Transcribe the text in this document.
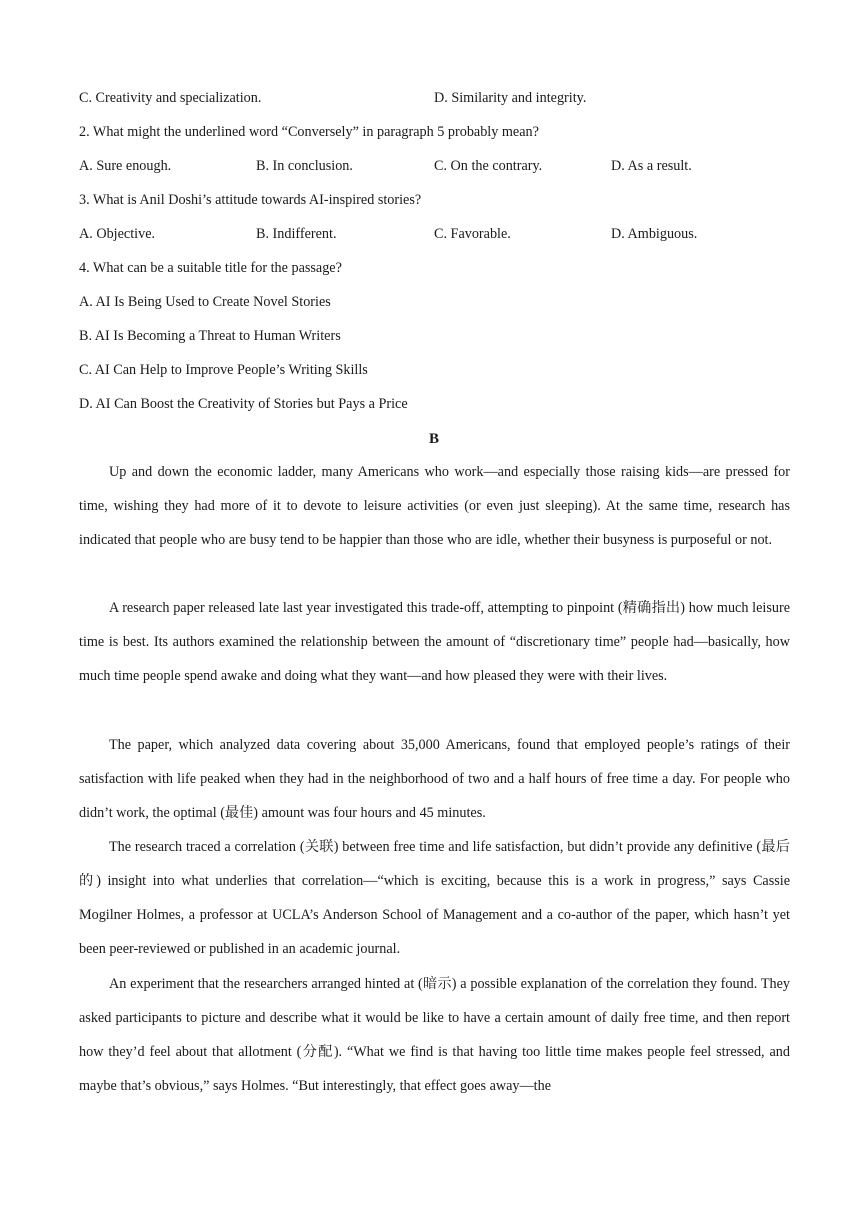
C. Creativity and specialization.	D. Similarity and integrity.
2. What might the underlined word “Conversely” in paragraph 5 probably mean?
A. Sure enough.	B. In conclusion.	C. On the contrary.	D. As a result.
3. What is Anil Doshi’s attitude towards AI-inspired stories?
A. Objective.	B. Indifferent.	C. Favorable.	D. Ambiguous.
4. What can be a suitable title for the passage?
A. AI Is Being Used to Create Novel Stories
B. AI Is Becoming a Threat to Human Writers
C. AI Can Help to Improve People’s Writing Skills
D. AI Can Boost the Creativity of Stories but Pays a Price
B

Up and down the economic ladder, many Americans who work—and especially those raising kids—are pressed for time, wishing they had more of it to devote to leisure activities (or even just sleeping). At the same time, research has indicated that people who are busy tend to be happier than those who are idle, whether their busyness is purposeful or not.

A research paper released late last year investigated this trade-off, attempting to pinpoint (精确指出) how much leisure time is best. Its authors examined the relationship between the amount of “discretionary time” people had—basically, how much time people spend awake and doing what they want—and how pleased they were with their lives.

The paper, which analyzed data covering about 35,000 Americans, found that employed people’s ratings of their satisfaction with life peaked when they had in the neighborhood of two and a half hours of free time a day. For people who didn’t work, the optimal (最佳) amount was four hours and 45 minutes.

The research traced a correlation (关联) between free time and life satisfaction, but didn’t provide any definitive (最后的) insight into what underlies that correlation—“which is exciting, because this is a work in progress,” says Cassie Mogilner Holmes, a professor at UCLA’s Anderson School of Management and a co-author of the paper, which hasn’t yet been peer-reviewed or published in an academic journal.

An experiment that the researchers arranged hinted at (暗示) a possible explanation of the correlation they found. They asked participants to picture and describe what it would be like to have a certain amount of daily free time, and then report how they’d feel about that allotment (分配). “What we find is that having too little time makes people feel stressed, and maybe that’s obvious,” says Holmes. “But interestingly, that effect goes away—the
